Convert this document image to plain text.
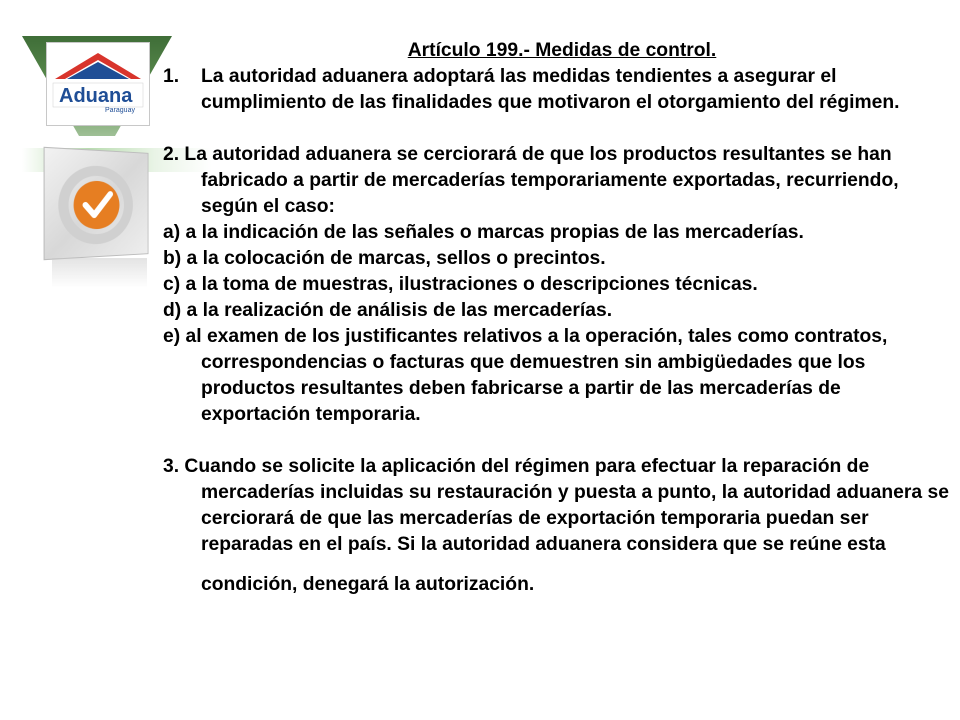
Aduana
Paraguay
Artículo 199.- Medidas de control.
1. La autoridad aduanera adoptará las medidas tendientes a asegurar el cumplimiento de las finalidades que motivaron el otorgamiento del régimen.
2. La autoridad aduanera se cerciorará de que los productos resultantes se han fabricado a partir de mercaderías temporariamente exportadas, recurriendo, según el caso:
a) a la indicación de las señales o marcas propias de las mercaderías.
b) a la colocación de marcas, sellos o precintos.
c) a la toma de muestras, ilustraciones o descripciones técnicas.
d) a la realización de análisis de las mercaderías.
e) al examen de los justificantes relativos a la operación, tales como contratos, correspondencias o facturas que demuestren sin ambigüedades que los productos resultantes deben fabricarse a partir de las mercaderías de exportación temporaria.
3. Cuando se solicite la aplicación del régimen para efectuar la reparación de mercaderías incluidas su restauración y puesta a punto, la autoridad aduanera se cerciorará de que las mercaderías de exportación temporaria puedan ser reparadas en el país. Si la autoridad aduanera considera que se reúne esta
condición, denegará la autorización.
